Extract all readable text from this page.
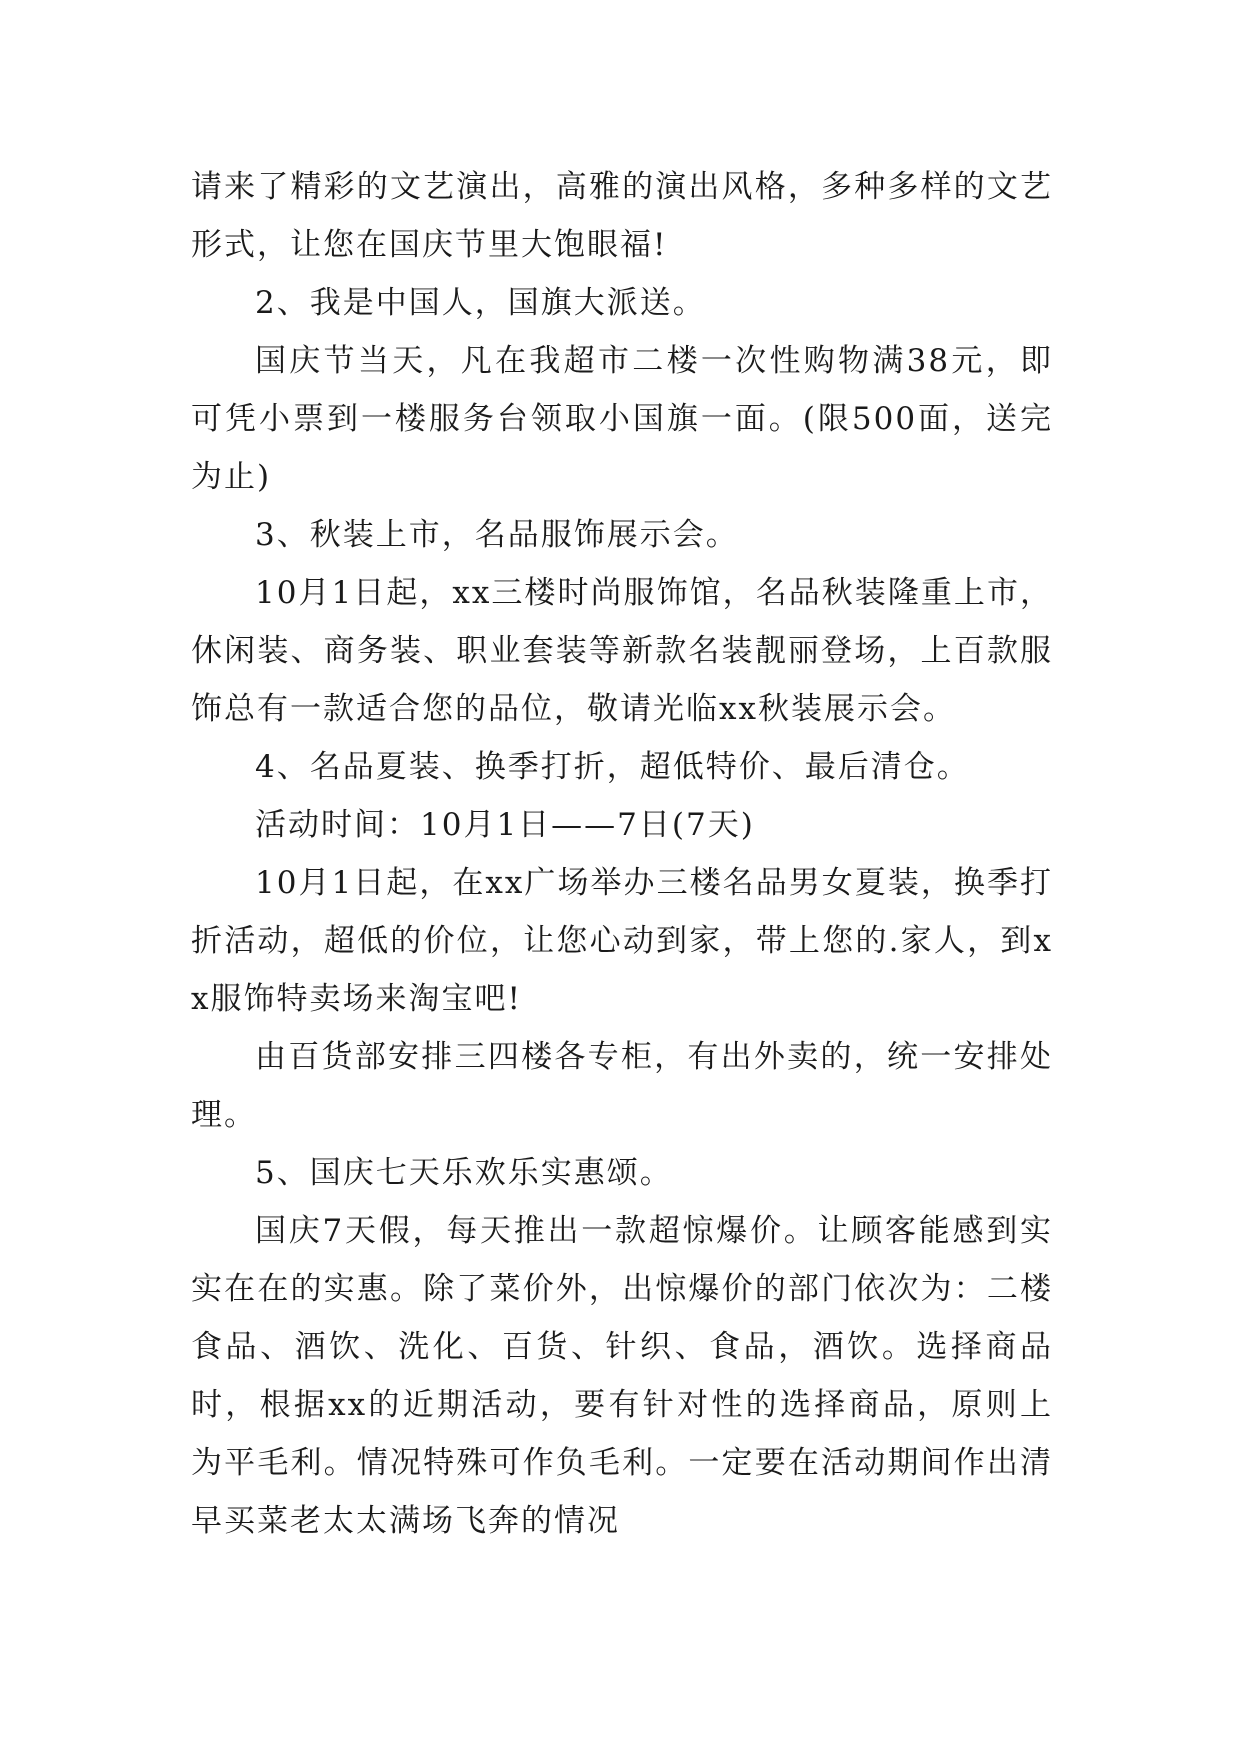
请来了精彩的文艺演出，高雅的演出风格，多种多样的文艺形式，让您在国庆节里大饱眼福!

2、我是中国人，国旗大派送。

国庆节当天，凡在我超市二楼一次性购物满38元，即可凭小票到一楼服务台领取小国旗一面。(限500面，送完为止)

3、秋装上市，名品服饰展示会。

10月1日起，xx三楼时尚服饰馆，名品秋装隆重上市，休闲装、商务装、职业套装等新款名装靓丽登场，上百款服饰总有一款适合您的品位，敬请光临xx秋装展示会。

4、名品夏装、换季打折，超低特价、最后清仓。

活动时间：10月1日——7日(7天)

10月1日起，在xx广场举办三楼名品男女夏装，换季打折活动，超低的价位，让您心动到家，带上您的.家人，到xx服饰特卖场来淘宝吧!

由百货部安排三四楼各专柜，有出外卖的，统一安排处理。

5、国庆七天乐欢乐实惠颂。

国庆7天假，每天推出一款超惊爆价。让顾客能感到实实在在的实惠。除了菜价外，出惊爆价的部门依次为：二楼食品、酒饮、洗化、百货、针织、食品，酒饮。选择商品时，根据xx的近期活动，要有针对性的选择商品，原则上为平毛利。情况特殊可作负毛利。一定要在活动期间作出清早买菜老太太满场飞奔的情况
